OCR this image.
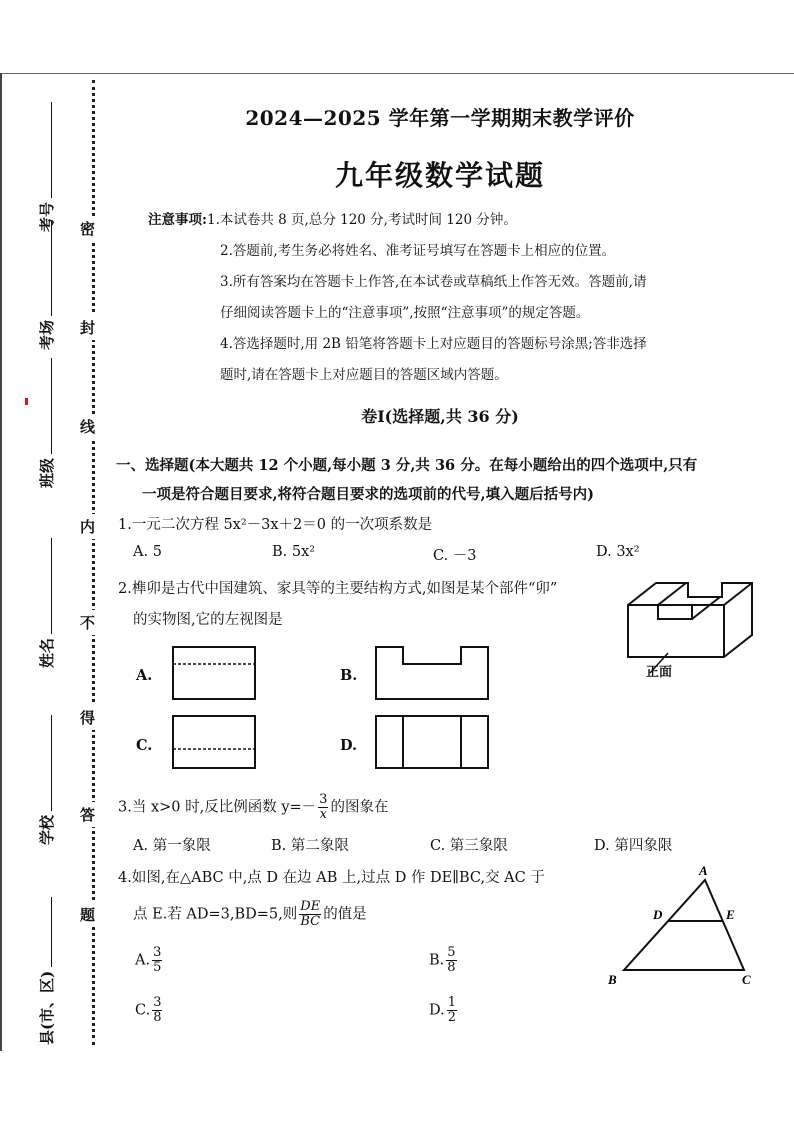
考号
考场
班级
姓名
学校
县(市、区)
密
封
线
内
不
得
答
题
2024—2025 学年第一学期期末教学评价
九年级数学试题
注意事项:1.本试卷共 8 页,总分 120 分,考试时间 120 分钟。
2.答题前,考生务必将姓名、准考证号填写在答题卡上相应的位置。
3.所有答案均在答题卡上作答,在本试卷或草稿纸上作答无效。答题前,请
仔细阅读答题卡上的“注意事项”,按照“注意事项”的规定答题。
4.答选择题时,用 2B 铅笔将答题卡上对应题目的答题标号涂黑;答非选择
题时,请在答题卡上对应题目的答题区域内答题。
卷Ⅰ(选择题,共 36 分)
一、选择题(本大题共 12 个小题,每小题 3 分,共 36 分。在每小题给出的四个选项中,只有
一项是符合题目要求,将符合题目要求的选项前的代号,填入题后括号内)
1.一元二次方程 5x²－3x＋2＝0 的一次项系数是
A. 5	B. 5x²	C. －3	D. 3x²
2.榫卯是古代中国建筑、家具等的主要结构方式,如图是某个部件“卯”
的实物图,它的左视图是
A.	B.
C.	D.
正面
3.当 x>0 时,反比例函数 $y=- \frac{3}{x}$ 的图象在
A. 第一象限	B. 第二象限	C. 第三象限	D. 第四象限
4.如图,在△ABC 中,点 D 在边 AB 上,过点 D 作 DE∥BC,交 AC 于
点 E.若 AD=3,BD=5,则 $\frac{DE}{BC}$ 的值是
A. $\frac{3}{5}$	B. $\frac{5}{8}$
C. $\frac{3}{8}$	D. $\frac{1}{2}$
A
B	C
D	E
